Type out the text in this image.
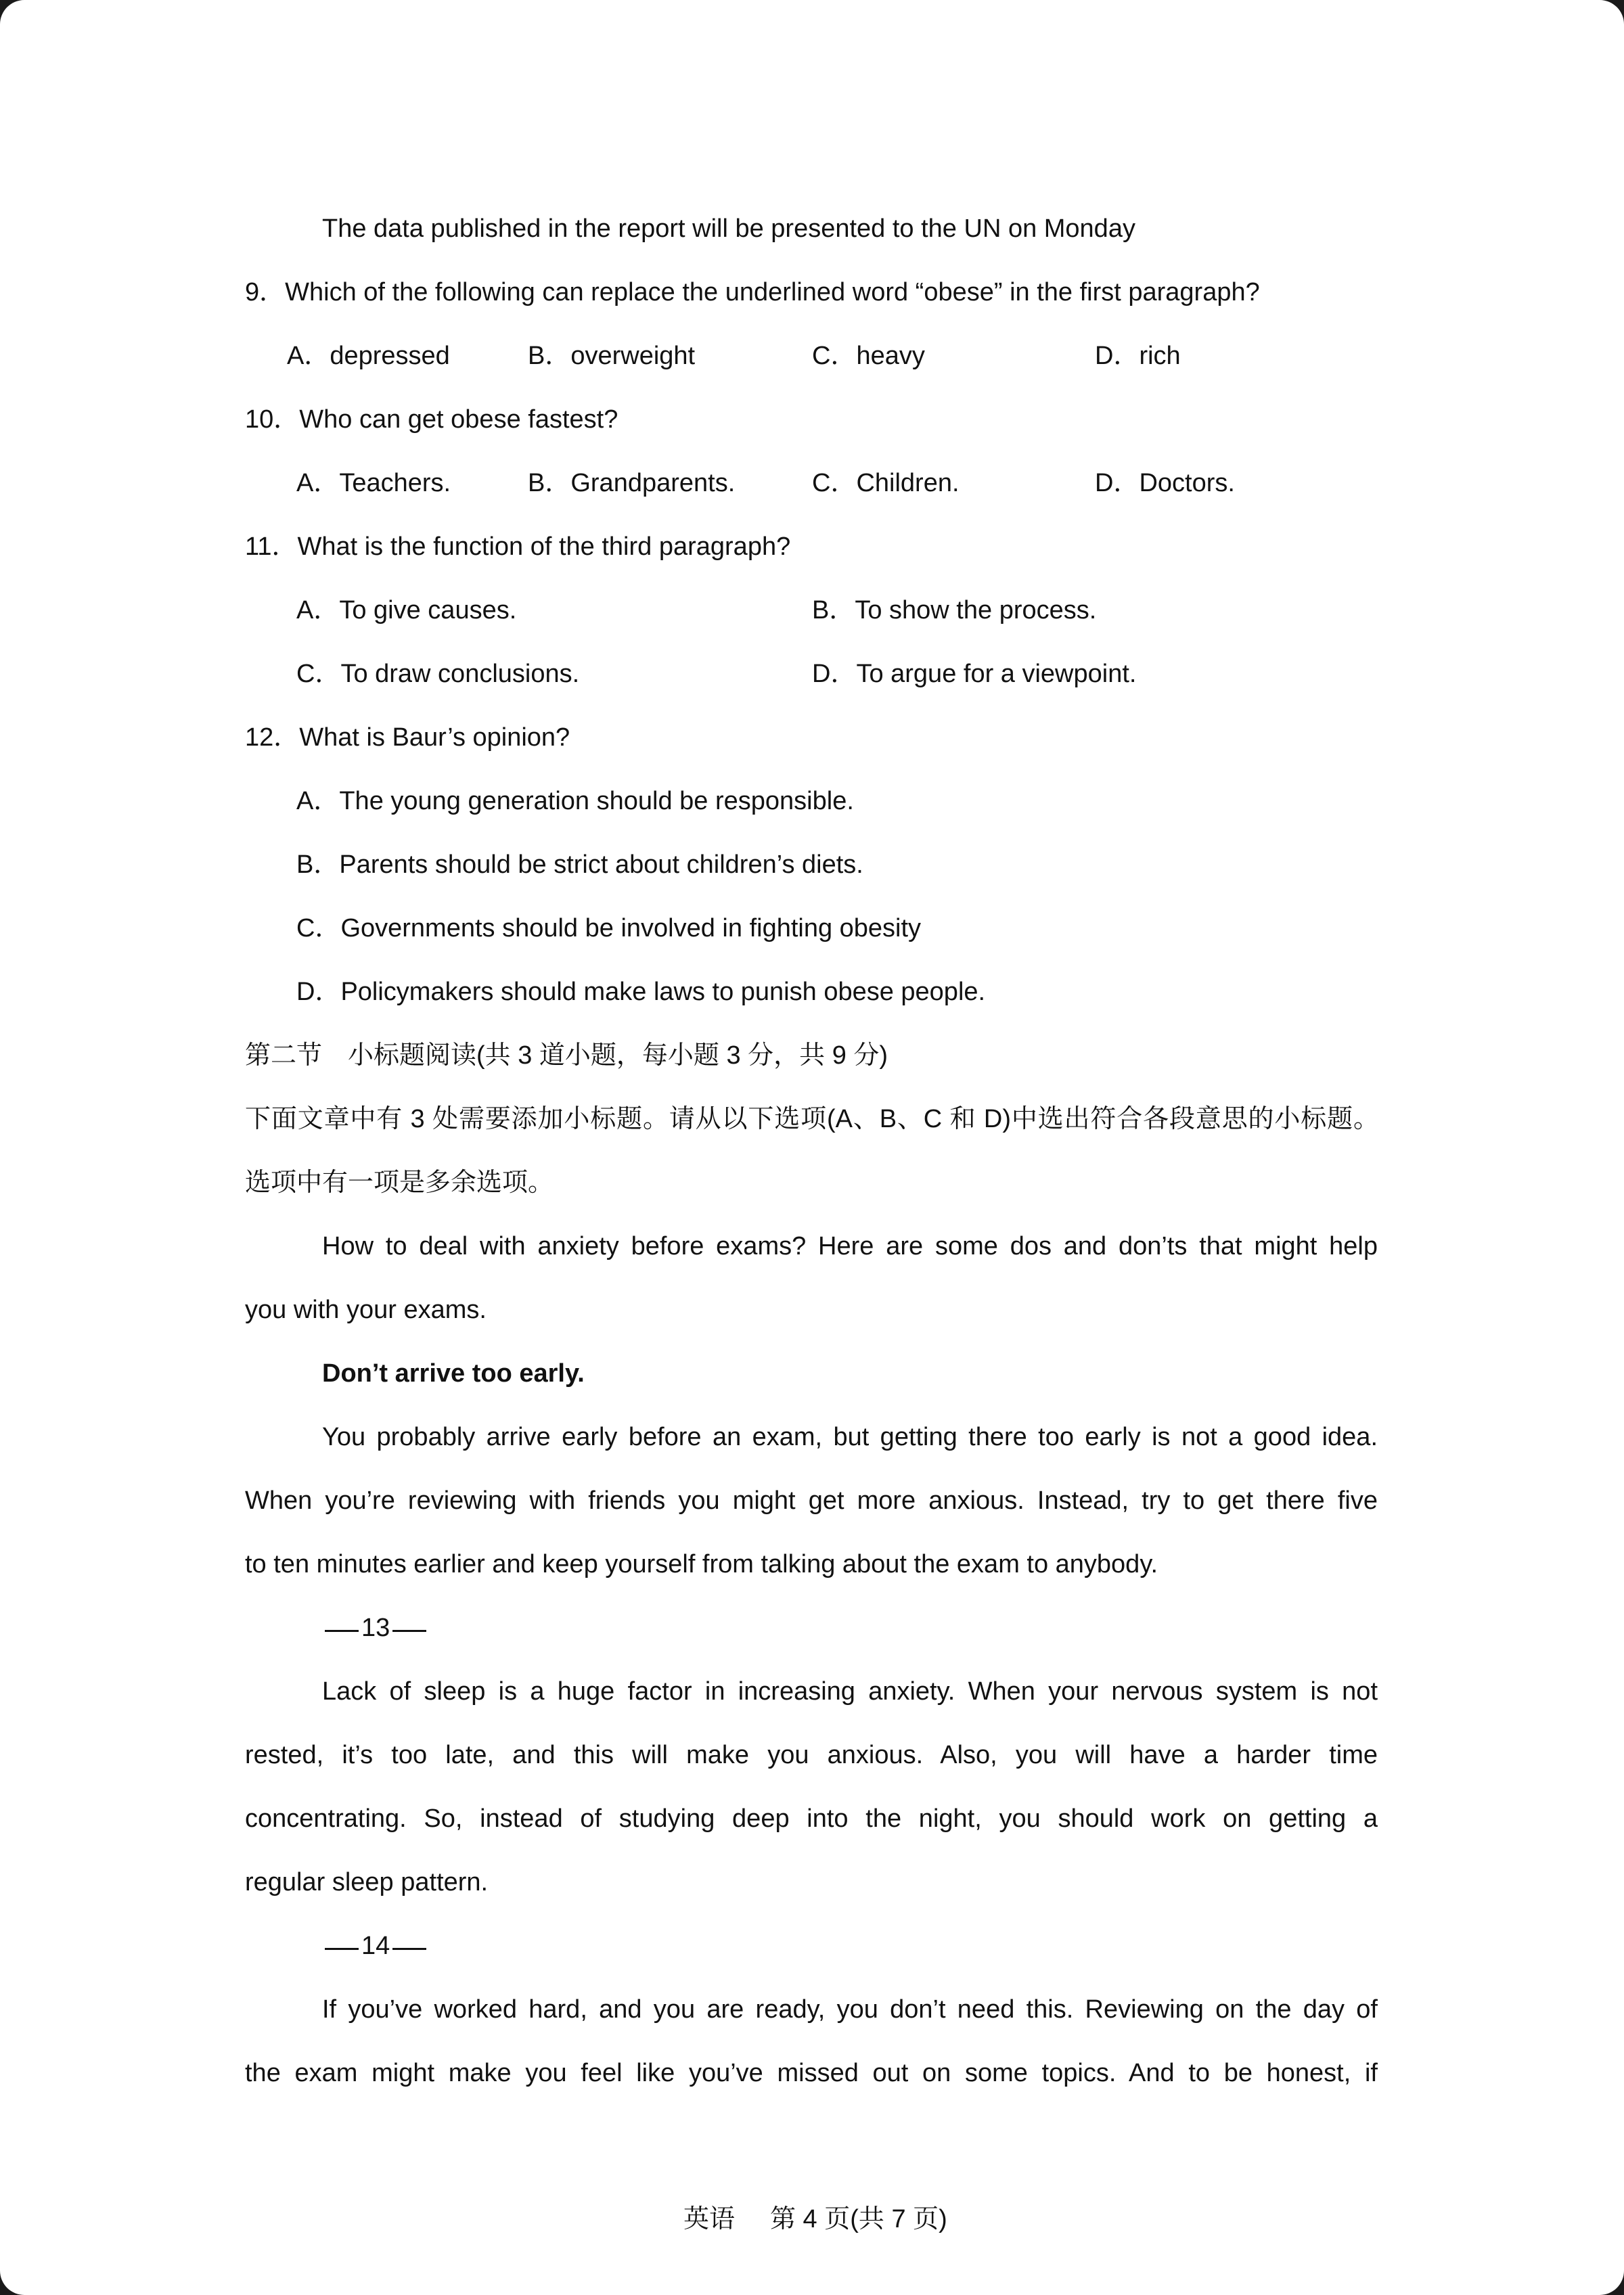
The data published in the report will be presented to the UN on Monday
9．Which of the following can replace the underlined word “obese” in the first paragraph?
A．depressed	B．overweight	C．heavy	D．rich
10．Who can get obese fastest?
A．Teachers.	B．Grandparents.	C．Children.	D．Doctors.
11．What is the function of the third paragraph?
A．To give causes.	B．To show the process.
C．To draw conclusions.	D．To argue for a viewpoint.
12．What is Baur’s opinion?
A．The young generation should be responsible.
B．Parents should be strict about children’s diets.
C．Governments should be involved in fighting obesity
D．Policymakers should make laws to punish obese people.
第二节　小标题阅读(共 3 道小题，每小题 3 分，共 9 分)
下面文章中有 3 处需要添加小标题。请从以下选项(A、B、C 和 D)中选出符合各段意思的小标题。
选项中有一项是多余选项。
How to deal with anxiety before exams? Here are some dos and don’ts that might help
you with your exams.
Don’t arrive too early.
You probably arrive early before an exam, but getting there too early is not a good idea.
When you’re reviewing with friends you might get more anxious. Instead, try to get there five
to ten minutes earlier and keep yourself from talking about the exam to anybody.
13
Lack of sleep is a huge factor in increasing anxiety. When your nervous system is not
rested, it’s too late, and this will make you anxious. Also, you will have a harder time
concentrating. So, instead of studying deep into the night, you should work on getting a
regular sleep pattern.
14
If you’ve worked hard, and you are ready, you don’t need this. Reviewing on the day of
the exam might make you feel like you’ve missed out on some topics. And to be honest, if
英语 第 4 页(共 7 页)
